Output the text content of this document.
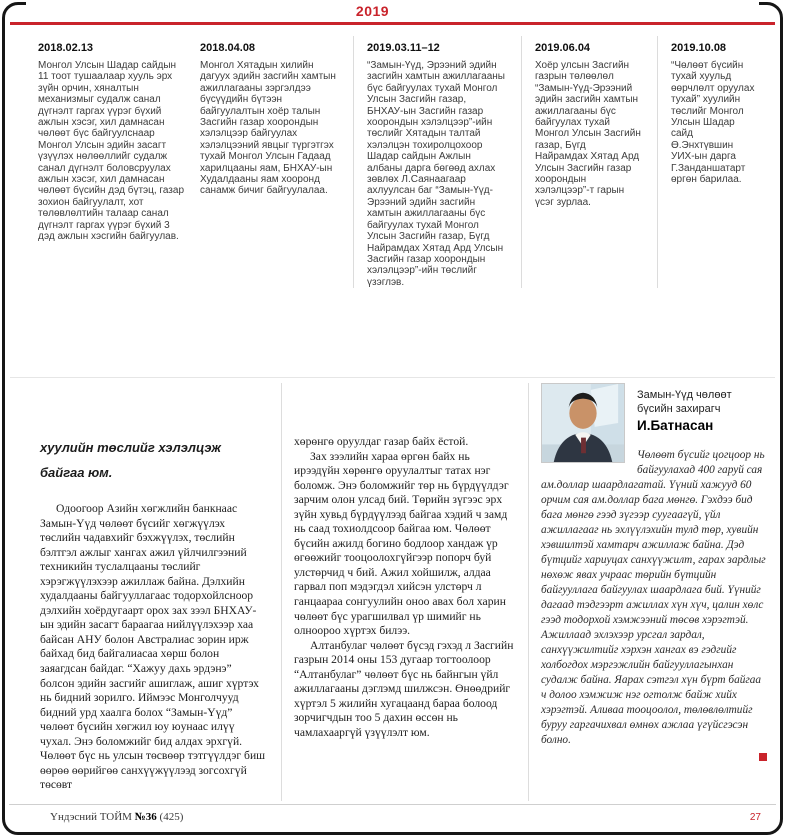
2019
2018.02.13
Монгол Улсын Шадар сайдын 11 тоот тушаалаар хууль эрх зүйн орчин, хяналтын механизмыг судалж санал дүгнэлт гаргах үүрэг бүхий ажлын хэсэг, хил дамнасан чөлөөт бүс байгуулснаар Монгол Улсын эдийн засагт үзүүлэх нөлөөллийг судалж санал дүгнэлт боловсруулах ажлын хэсэг, хил дамнасан чөлөөт бүсийн дэд бүтэц, газар зохион байгуулалт, хот төлөвлөлтийн талаар санал дүгнэлт гаргах үүрэг бүхий 3 дэд ажлын хэсгийн байгуулав.
2018.04.08
Монгол Хятадын хилийн дагуух эдийн засгийн хамтын ажиллагааны зэргэлдээ бүсүүдийн бүтээн байгуулалтын хоёр талын Засгийн газар хоорондын хэлэлцээр байгуулах хэлэлцээний явцыг түргэтгэх тухай Монгол Улсын Гадаад харилцааны яам, БНХАУ-ын Худалдааны яам хооронд санамж бичиг байгуулалаа.
2019.03.11–12
“Замын-Үүд, Эрээний эдийн засгийн хамтын ажиллагааны бүс байгуулах тухай Монгол Улсын Засгийн газар, БНХАУ-ын Засгийн газар хоорондын хэлэлцээр”-ийн төслийг Хятадын талтай хэлэлцэн тохиролцохоор Шадар сайдын Ажлын албаны дарга бөгөөд ахлах зөвлөх Л.Саянаагаар ахлуулсан баг “Замын-Үүд-Эрээний эдийн засгийн хамтын ажиллагааны бүс байгуулах тухай Монгол Улсын Засгийн газар, Бүгд Найрамдах Хятад Ард Улсын Засгийн газар хоорондын хэлэлцээр”-ийн төслийг үзэглэв.
2019.06.04
Хоёр улсын Засгийн газрын төлөөлөл “Замын-Үүд-Эрээний эдийн засгийн хамтын ажиллагааны бүс байгуулах тухай Монгол Улсын Засгийн газар, Бүгд Найрамдах Хятад Ард Улсын Засгийн газар хоорондын хэлэлцээр”-т гарын үсэг зурлаа.
2019.10.08
“Чөлөөт бүсийн тухай хуульд өөрчлөлт оруулах тухай” хуулийн төслийг Монгол Улсын Шадар сайд Ө.Энхтүвшин УИХ-ын дарга Г.Занданшатарт өргөн барилаа.
хуулийн төслийг хэлэлцэж байгаа юм.

Одоогоор Азийн хөгжлийн банкнаас Замын-Үүд чөлөөт бүсийг хөгжүүлэх төслийн чадавхийг бэхжүүлэх, төслийн бэлтгэл ажлыг хангах ажил үйлчилгээний техникийн туслалцааны төслийг хэрэгжүүлэхээр ажиллаж байна. Дэлхийн худалдааны байгууллагаас тодорхойлсноор дэлхийн хоёрдугаарт орох зах зээл БНХАУ-ын эдийн засагт бараагаа нийлүүлэхээр хаа байсан АНУ болон Австралиас зорин ирж байхад бид байгалиасаа хөрш болон заяагдсан байдаг. “Хажуу дахь эрдэнэ” болсон эдийн засгийг ашиглаж, ашиг хүртэх нь бидний зорилго. Иймээс Монголчууд бидний урд хаалга болох “Замын-Үүд” чөлөөт бүсийн хөгжил юу юунаас илүү чухал. Энэ боломжийг бид алдах эрхгүй. Чөлөөт бүс нь улсын төсвөөр тэтгүүлдэг биш өөрөө өөрийгөө санхүүжүүлээд зогсохгүй төсөвт

хөрөнгө оруулдаг газар байх ёстой.

Зах зээлийн хараа өргөн байх нь ирээдүйн хөрөнгө оруулалтыг татах нэг боломж. Энэ боломжийг төр нь бүрдүүлдэг зарчим олон улсад бий. Төрийн зүгээс эрх зүйн хувьд бүрдүүлээд байгаа хэдий ч замд нь саад тохиолдсоор байгаа юм. Чөлөөт бүсийн ажилд богино бодлоор хандаж үр өгөөжийг тооцоолохгүйгээр попорч буй улстөрчид ч бий. Ажил хойшилж, алдаа гарвал поп мэдэгдэл хийсэн улстөрч л ганцаараа сонгуулийн оноо авах бол харин чөлөөт бүс урагшилвал үр шимийг нь олноороо хүртэх билээ.

Алтанбулаг чөлөөт бүсэд гэхэд л Засгийн газрын 2014 оны 153 дугаар тогтоолоор “Алтанбулаг” чөлөөт бүс нь байнгын үйл ажиллагааны дэглэмд шилжсэн. Өнөөдрийг хүртэл 5 жилийн хугацаанд бараа болоод зорчигчдын тоо 5 дахин өссөн нь чамлахааргүй үзүүлэлт юм.

Замын-Үүд чөлөөт бүсийн захирагч
И.Батнасан

Чөлөөт бүсийг цогцоор нь байгуулахад 400 гаруй сая ам.доллар шаардлагатай. Үүний хажууд 60 орчим сая ам.доллар бага мөнгө. Гэхдээ бид бага мөнгө гээд зүгээр суугаагүй, үйл ажиллагааг нь эхлүүлэхийн тулд төр, хувийн хэвшилтэй хамтарч ажиллаж байна. Дэд бүтцийг хариуцах санхүүжилт, гарах зардлыг нөхөж явах учраас төрийн бүтцийн байгууллага байгуулах шаардлага бий. Үүнийг дагаад тэдгээрт ажиллах хүн хүч, цалин хөлс гээд тодорхой хэмжээний төсөв хэрэгтэй. Ажиллаад эхлэхээр урсгал зардал, санхүүжилтийг хэрхэн хангах вэ гэдгийг холбогдох мэргэжлийн байгууллагынхан судалж байна. Яарах сэтгэл хүн бүрт байгаа ч долоо хэмжиж нэг огтолж байж хийх хэрэгтэй. Аливаа тооцоолол, төлөвлөлтийг буруу гаргачихвал өмнөх ажлаа үгүйсгэсэн болно.

Үндэсний ТОЙМ №36 (425)	27
